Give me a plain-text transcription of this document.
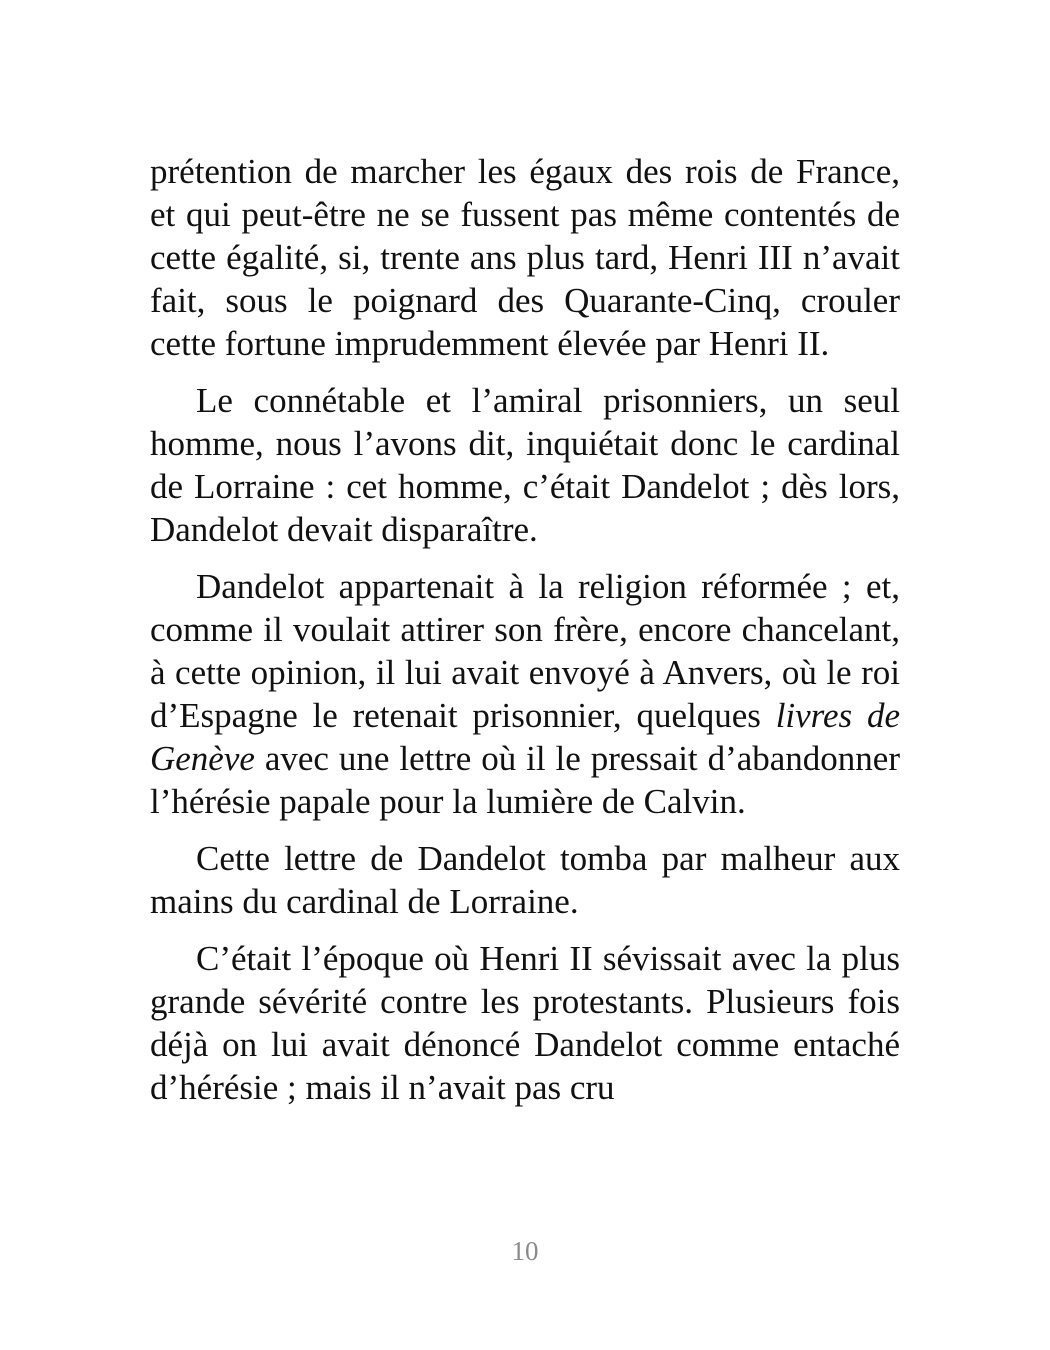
prétention de marcher les égaux des rois de France, et qui peut-être ne se fussent pas même contentés de cette égalité, si, trente ans plus tard, Henri III n’avait fait, sous le poignard des Quarante-Cinq, crouler cette fortune imprudemment élevée par Henri II.

Le connétable et l’amiral prisonniers, un seul homme, nous l’avons dit, inquiétait donc le cardinal de Lorraine : cet homme, c’était Dandelot ; dès lors, Dandelot devait disparaître.

Dandelot appartenait à la religion réformée ; et, comme il voulait attirer son frère, encore chancelant, à cette opinion, il lui avait envoyé à Anvers, où le roi d’Espagne le retenait prisonnier, quelques livres de Genève avec une lettre où il le pressait d’abandonner l’hérésie papale pour la lumière de Calvin.

Cette lettre de Dandelot tomba par malheur aux mains du cardinal de Lorraine.

C’était l’époque où Henri II sévissait avec la plus grande sévérité contre les protestants. Plusieurs fois déjà on lui avait dénoncé Dandelot comme entaché d’hérésie ; mais il n’avait pas cru

10
